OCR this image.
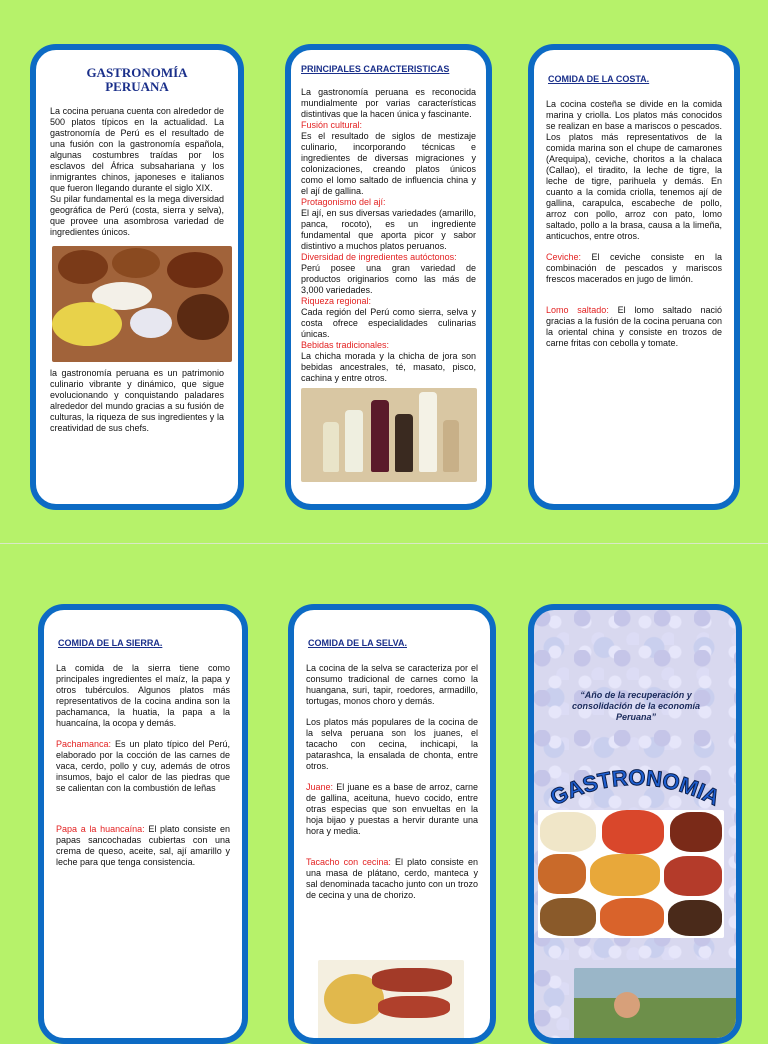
GASTRONOMÍA PERUANA

La cocina peruana cuenta con alrededor de 500 platos típicos en la actualidad. La gastronomía de Perú es el resultado de una fusión con la gastronomía española, algunas costumbres traídas por los esclavos del África subsahariana y los inmigrantes chinos, japoneses e italianos que fueron llegando durante el siglo XIX.

Su pilar fundamental es la mega diversidad geográfica de Perú (costa, sierra y selva), que provee una asombrosa variedad de ingredientes únicos.

la gastronomía peruana es un patrimonio culinario vibrante y dinámico, que sigue evolucionando y conquistando paladares alrededor del mundo gracias a su fusión de culturas, la riqueza de sus ingredientes y la creatividad de sus chefs.

PRINCIPALES CARACTERISTICAS

La gastronomía peruana es reconocida mundialmente por varias características distintivas que la hacen única y fascinante.

Fusión cultural:

Es el resultado de siglos de mestizaje culinario, incorporando técnicas e ingredientes de diversas migraciones y colonizaciones, creando platos únicos como el lomo saltado de influencia china y el ají de gallina.

Protagonismo del ají:

El ají, en sus diversas variedades (amarillo, panca, rocoto), es un ingrediente fundamental que aporta picor y sabor distintivo a muchos platos peruanos.

Diversidad de ingredientes autóctonos:

Perú posee una gran variedad de productos originarios como las más de 3,000 variedades.

Riqueza regional:

Cada región del Perú como sierra, selva y costa ofrece especialidades culinarias únicas.

Bebidas tradicionales:

La chicha morada y la chicha de jora son bebidas ancestrales, té, masato, pisco, cachina y entre otros.

COMIDA DE LA COSTA.

La cocina costeña se divide en la comida marina y criolla. Los platos más conocidos se realizan en base a mariscos o pescados. Los platos más representativos de la comida marina son el chupe de camarones (Arequipa), ceviche, choritos a la chalaca (Callao), el tiradito, la leche de tigre, la leche de tigre, parihuela y demás. En cuanto a la comida criolla, tenemos ají de gallina, carapulca, escabeche de pollo, arroz con pollo, arroz con pato, lomo saltado, pollo a la brasa, causa a la limeña, anticuchos, entre otros.

Ceviche: El ceviche consiste en la combinación de pescados y mariscos frescos macerados en jugo de limón.

Lomo saltado: El lomo saltado nació gracias a la fusión de la cocina peruana con la oriental china y consiste en trozos de carne fritas con cebolla y tomate.

COMIDA DE LA SIERRA.

La comida de la sierra tiene como principales ingredientes el maíz, la papa y otros tubérculos. Algunos platos más representativos de la cocina andina son la pachamanca, la huatia, la papa a la huancaína, la ocopa y demás.

Pachamanca: Es un plato típico del Perú, elaborado por la cocción de las carnes de vaca, cerdo, pollo y cuy, además de otros insumos, bajo el calor de las piedras que se calientan con la combustión de leñas

Papa a la huancaína: El plato consiste en papas sancochadas cubiertas con una crema de queso, aceite, sal, ají amarillo y leche para que tenga consistencia.

COMIDA DE LA SELVA.

La cocina de la selva se caracteriza por el consumo tradicional de carnes como la huangana, suri, tapir, roedores, armadillo, tortugas, monos choro y demás.

Los platos más populares de la cocina de la selva peruana son los juanes, el tacacho con cecina, inchicapi, la patarashca, la ensalada de chonta, entre otros.

Juane: El juane es a base de arroz, carne de gallina, aceituna, huevo cocido, entre otras especias que son envueltas en la hoja bijao y puestas a hervir durante una hora y media.

Tacacho con cecina: El plato consiste en una masa de plátano, cerdo, manteca y sal denominada tacacho junto con un trozo de cecina y una de chorizo.

“Año de la recuperación y consolidación de la economía Peruana”
GASTRONOMIA
